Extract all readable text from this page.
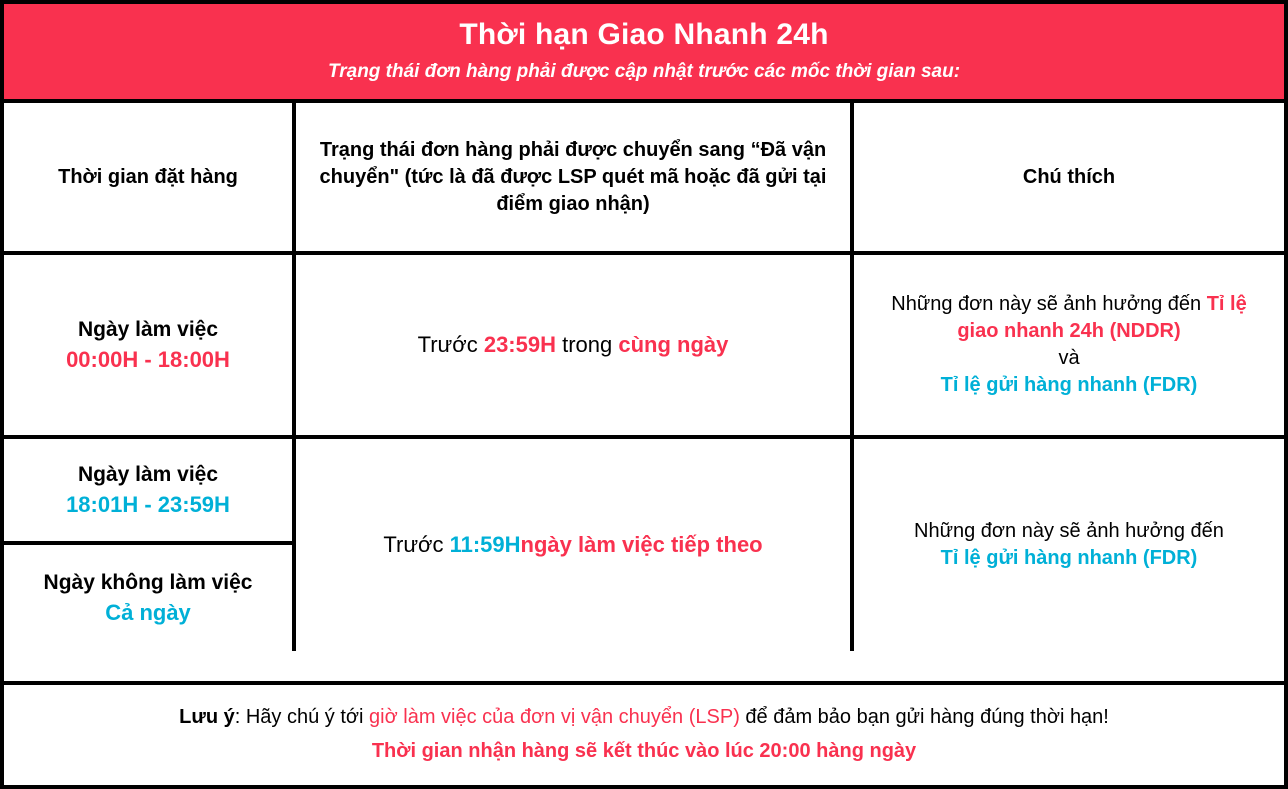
Thời hạn Giao Nhanh 24h
Trạng thái đơn hàng phải được cập nhật trước các mốc thời gian sau:
Thời gian đặt hàng
Trạng thái đơn hàng phải được chuyển sang “Đã vận chuyển" (tức là đã được LSP quét mã hoặc đã gửi tại điểm giao nhận)
Chú thích
Ngày làm việc
00:00H - 18:00H
Trước 23:59H trong cùng ngày
Những đơn này sẽ ảnh hưởng đến Tỉ lệ giao nhanh 24h (NDDR)
và
Tỉ lệ gửi hàng nhanh (FDR)
Ngày làm việc
18:01H - 23:59H
Ngày không làm việc
Cả ngày
Trước 11:59Hngày làm việc tiếp theo
Những đơn này sẽ ảnh hưởng đến
Tỉ lệ gửi hàng nhanh (FDR)
Lưu ý: Hãy chú ý tới giờ làm việc của đơn vị vận chuyển (LSP) để đảm bảo bạn gửi hàng đúng thời hạn!
Thời gian nhận hàng sẽ kết thúc vào lúc 20:00 hàng ngày
